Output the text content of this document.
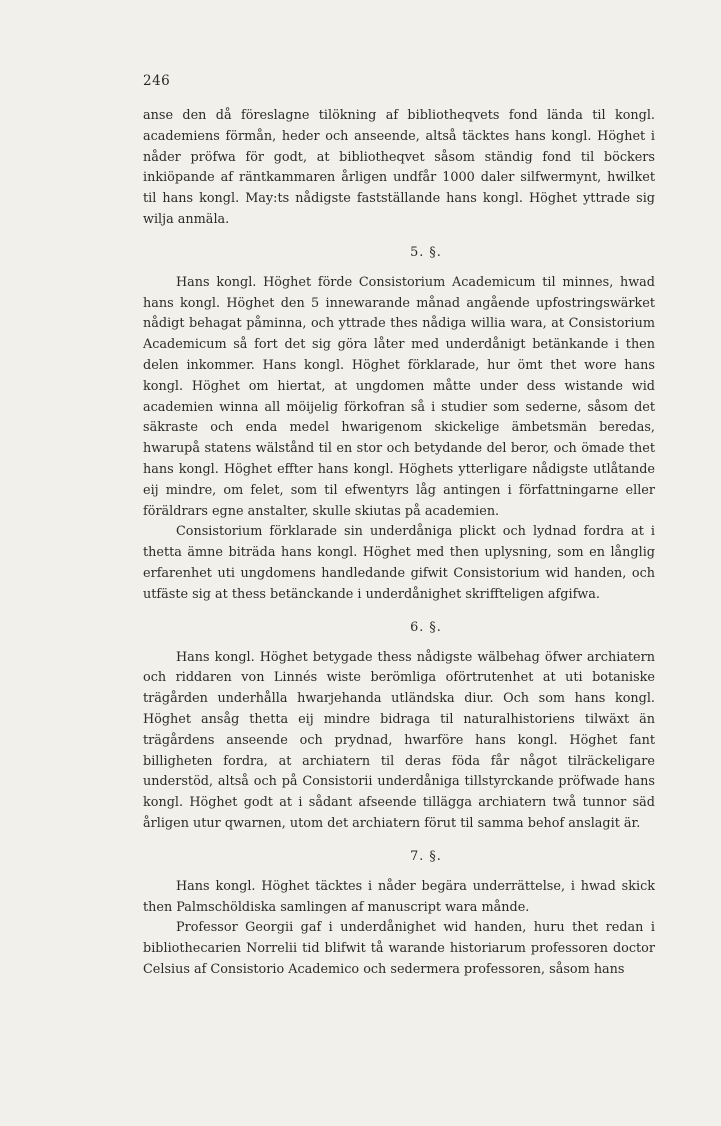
246

anse den då föreslagne tilökning af bibliotheqvets fond lända til kongl. academiens förmån, heder och anseende, altså täcktes hans kongl. Höghet i nåder pröfwa för godt, at bibliotheqvet såsom ständig fond til böckers inkiöpande af räntkammaren årligen undfår 1000 daler silfwermynt, hwilket til hans kongl. May:ts nådigste fastställande hans kongl. Höghet yttrade sig wilja anmäla.

5. §.

Hans kongl. Höghet förde Consistorium Academicum til minnes, hwad hans kongl. Höghet den 5 innewarande månad angående upfostringswärket nådigt behagat påminna, och yttrade thes nådiga willia wara, at Consistorium Academicum så fort det sig göra låter med underdånigt betänkande i then delen inkommer. Hans kongl. Höghet förklarade, hur ömt thet wore hans kongl. Höghet om hiertat, at ungdomen måtte under dess wistande wid academien winna all möijelig förkofran så i studier som sederne, såsom det säkraste och enda medel hwarigenom skickelige ämbetsmän beredas, hwarupå statens wälstånd til en stor och betydande del beror, och ömade thet hans kongl. Höghet effter hans kongl. Höghets ytterligare nådigste utlåtande eij mindre, om felet, som til efwentyrs låg antingen i författningarne eller föräldrars egne anstalter, skulle skiutas på academien.

Consistorium förklarade sin underdåniga plickt och lydnad fordra at i thetta ämne biträda hans kongl. Höghet med then uplysning, som en långlig erfarenhet uti ungdomens handledande gifwit Consistorium wid handen, och utfäste sig at thess betänckande i underdånighet skriffteligen afgifwa.

6. §.

Hans kongl. Höghet betygade thess nådigste wälbehag öfwer archiatern och riddaren von Linnés wiste berömliga oförtrutenhet at uti botaniske trägården underhålla hwarjehanda utländska diur. Och som hans kongl. Höghet ansåg thetta eij mindre bidraga til naturalhistoriens tilwäxt än trägårdens anseende och prydnad, hwarföre hans kongl. Höghet fant billigheten fordra, at archiatern til deras föda får något tilräckeligare understöd, altså och på Consistorii underdåniga tillstyrckande pröfwade hans kongl. Höghet godt at i sådant afseende tillägga archiatern twå tunnor säd årligen utur qwarnen, utom det archiatern förut til samma behof anslagit är.

7. §.

Hans kongl. Höghet täcktes i nåder begära underrättelse, i hwad skick then Palmschöldiska samlingen af manuscript wara månde.

Professor Georgii gaf i underdånighet wid handen, huru thet redan i bibliothecarien Norrelii tid blifwit tå warande historiarum professoren doctor Celsius af Consistorio Academico och sedermera professoren, såsom hans
